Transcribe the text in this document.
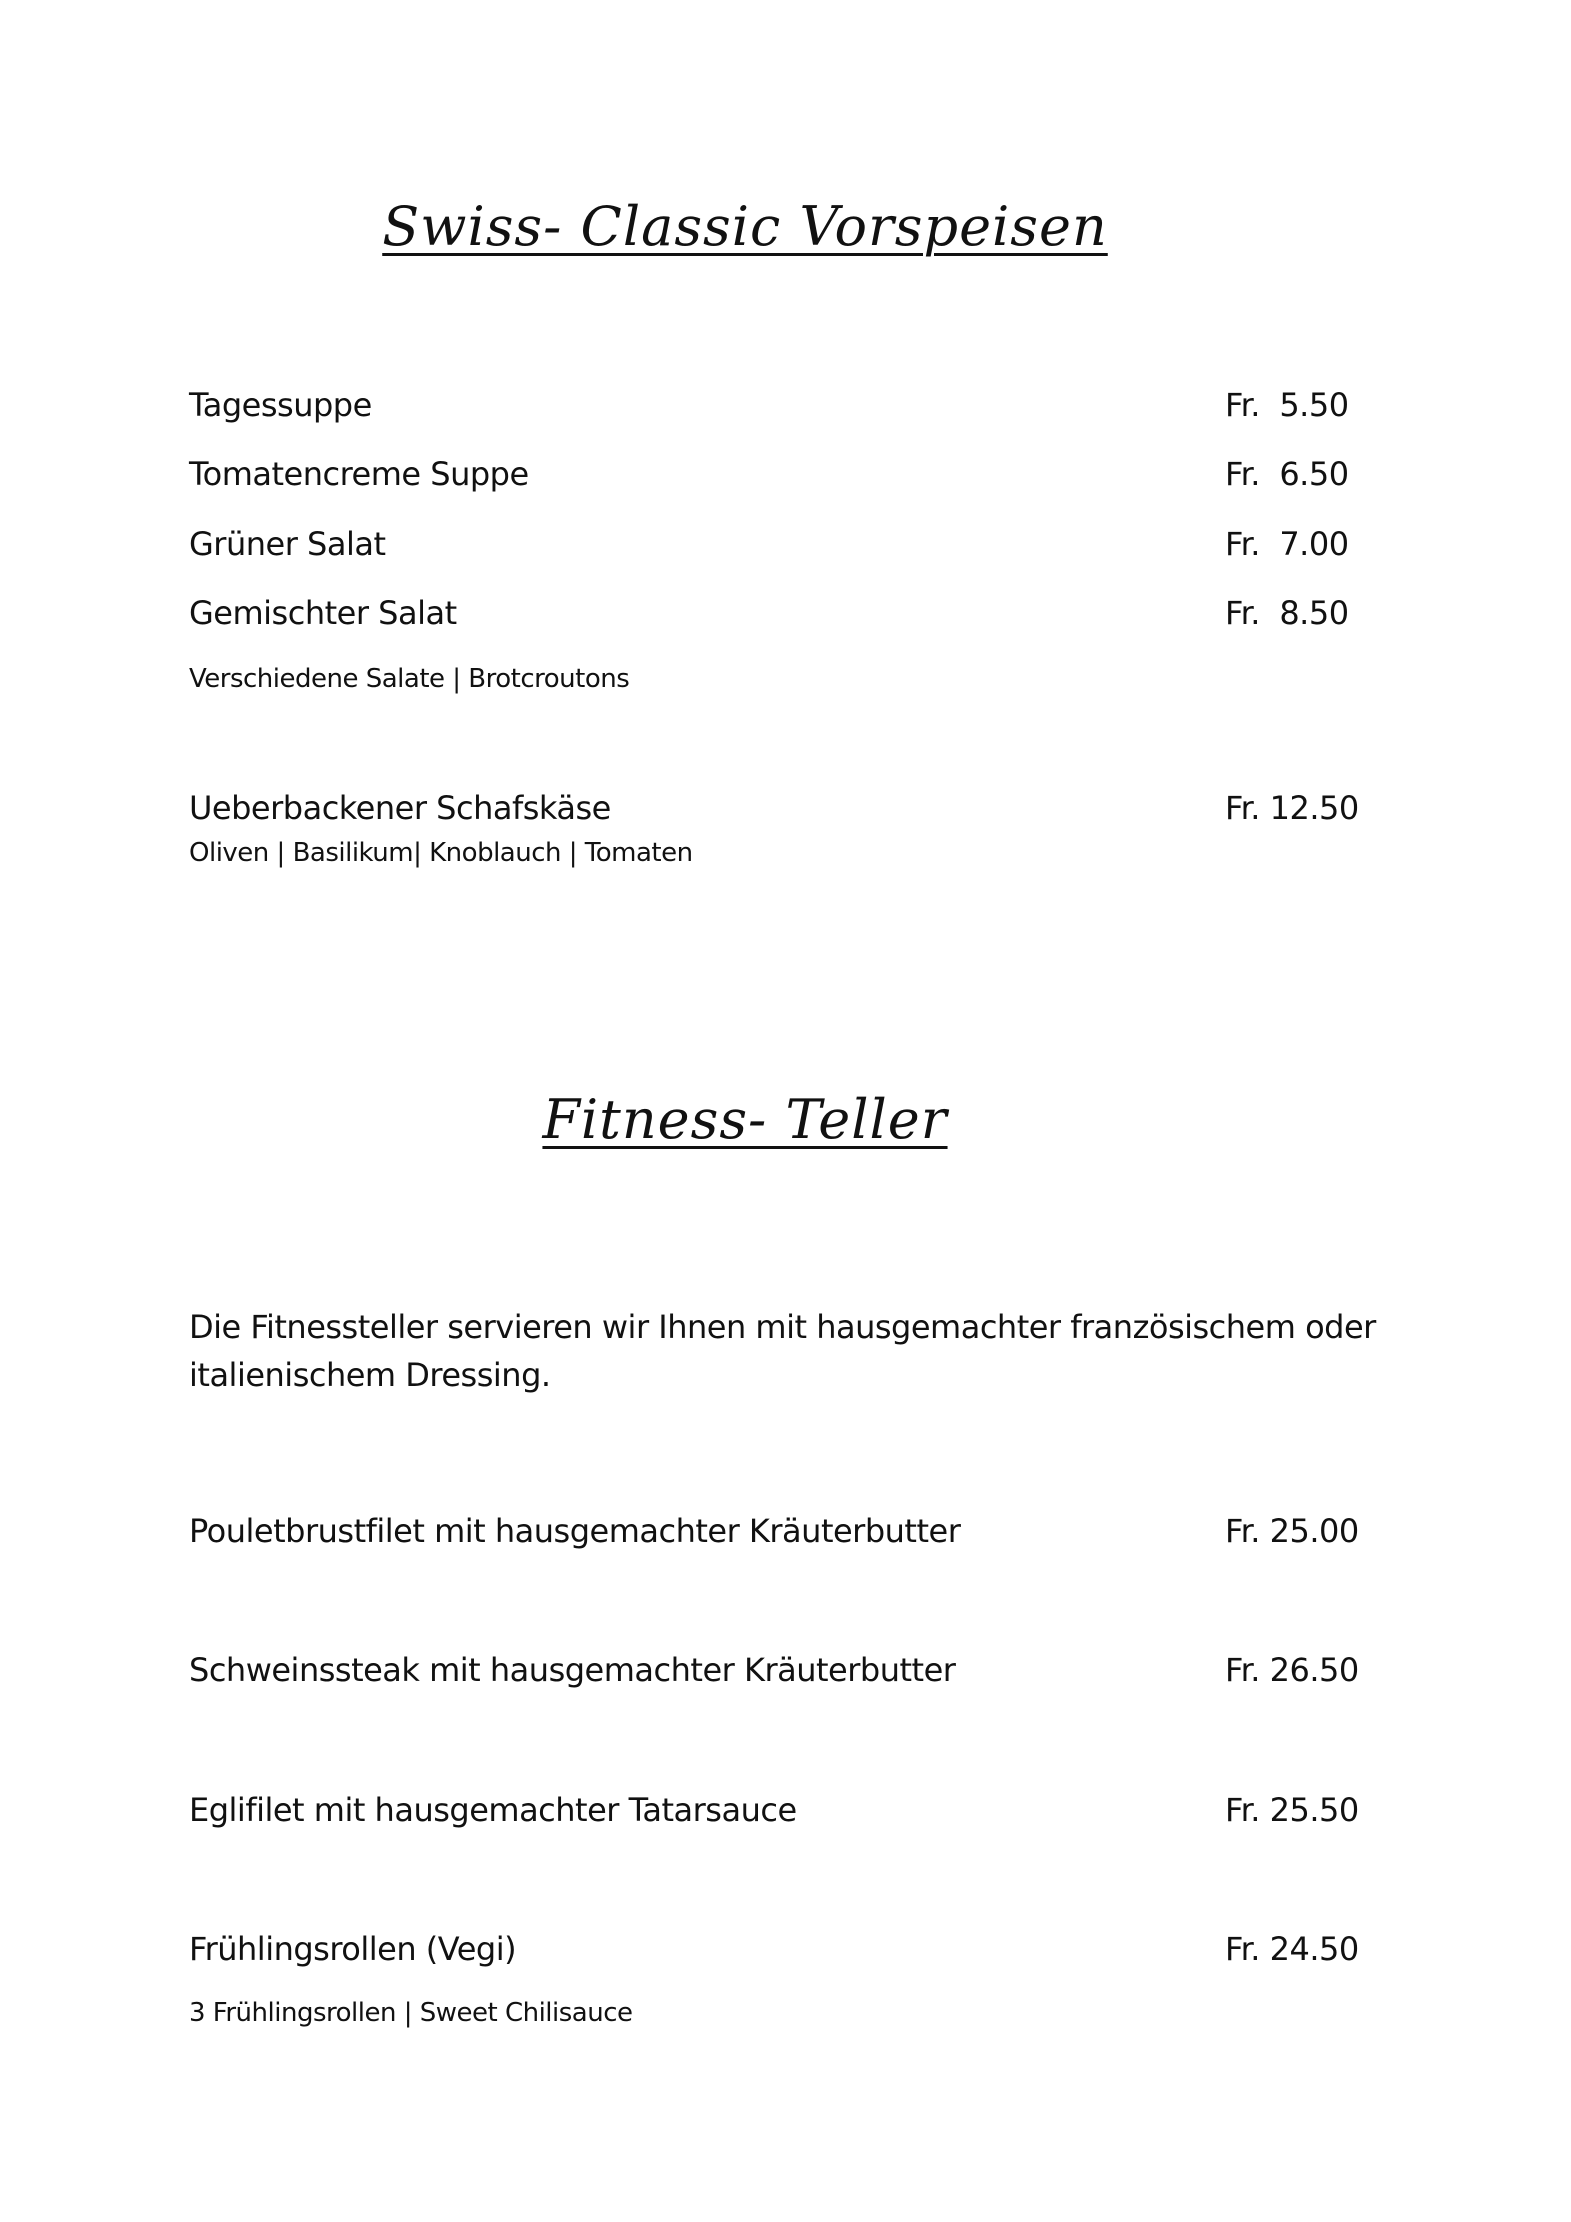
Swiss- Classic Vorspeisen
Tagessuppe	Fr.  5.50
Tomatencreme Suppe	Fr.  6.50
Grüner Salat	Fr.  7.00
Gemischter Salat	Fr.  8.50
Verschiedene Salate | Brotcroutons
Ueberbackener Schafskäse	Fr. 12.50
Oliven | Basilikum| Knoblauch | Tomaten
Fitness- Teller
Die Fitnessteller servieren wir Ihnen mit hausgemachter französischem oder italienischem Dressing.
Pouletbrustfilet mit hausgemachter Kräuterbutter	Fr. 25.00
Schweinssteak mit hausgemachter Kräuterbutter	Fr. 26.50
Eglifilet mit hausgemachter Tatarsauce	Fr. 25.50
Frühlingsrollen (Vegi)	Fr. 24.50
3 Frühlingsrollen | Sweet Chilisauce
